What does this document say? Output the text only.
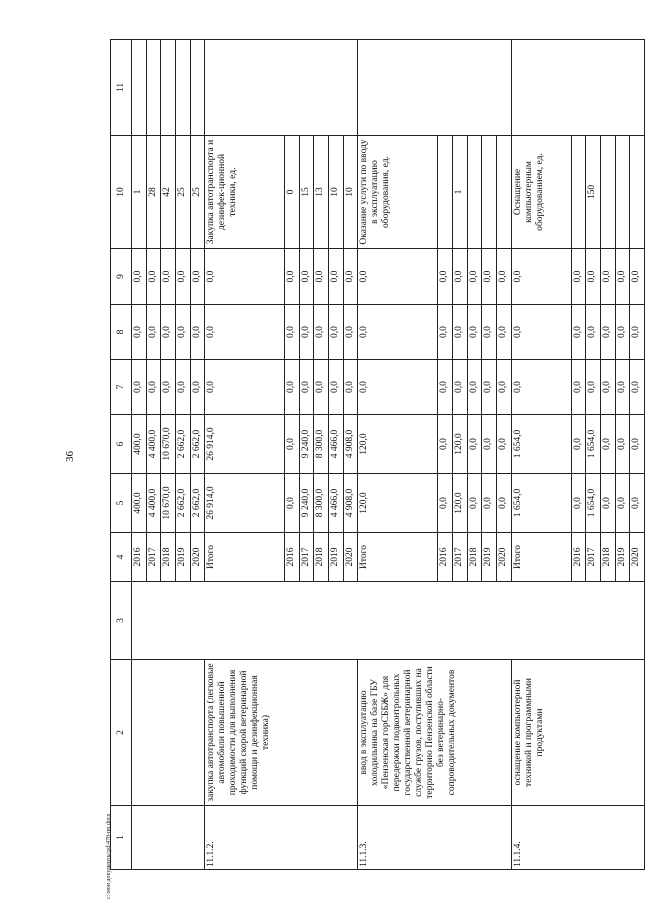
36
c:\мои документы\pd\478-пп.docx 1	2	3	4	5	6	7	8	9	10	11
			2016	400,0	400,0	0,0	0,0	0,0	1	
			2017	4 400,0	4 400,0	0,0	0,0	0,0	28	
			2018	10 670,0	10 670,0	0,0	0,0	0,0	42	
			2019	2 662,0	2 662,0	0,0	0,0	0,0	25	
			2020	2 662,0	2 662,0	0,0	0,0	0,0	25	
11.1.2.	закупка автотранспорта (легковые автомобили повышенной проходимости для выполнения функций скорой ветеринарной помощи и дезинфекционная техника)		Итого	26 914,0	26 914,0	0,0	0,0	0,0	Закупка автотранспорта и дезинфек-ционной техники, ед.	
			2016	0,0	0,0	0,0	0,0	0,0	0	
			2017	9 240,0	9 240,0	0,0	0,0	0,0	15	
			2018	8 300,0	8 300,0	0,0	0,0	0,0	13	
			2019	4 466,0	4 466,0	0,0	0,0	0,0	10	
			2020	4 908,0	4 908,0	0,0	0,0	0,0	10	
11.1.3.	ввод в эксплуатацию холодильника на базе ГБУ «Пензенская горСББЖ» для передержки подконтрольных государственной ветеринарной службе грузов, поступивших на территорию Пензенской области без ветеринарно-сопроводительных документов		Итого	120,0	120,0	0,0	0,0	0,0	Оказание услуги по вводу в эксплуатацию оборудования, ед.	
			2016	0,0	0,0	0,0	0,0	0,0		
			2017	120,0	120,0	0,0	0,0	0,0	1	
			2018	0,0	0,0	0,0	0,0	0,0		
			2019	0,0	0,0	0,0	0,0	0,0		
			2020	0,0	0,0	0,0	0,0	0,0		
11.1.4.	оснащение компьютерной техникой и программными продуктами		Итого	1 654,0	1 654,0	0,0	0,0	0,0	Оснащение компьютерным оборудованием, ед.	
			2016	0,0	0,0	0,0	0,0	0,0		
			2017	1 654,0	1 654,0	0,0	0,0	0,0	150	
			2018	0,0	0,0	0,0	0,0	0,0		
			2019	0,0	0,0	0,0	0,0	0,0		
			2020	0,0	0,0	0,0	0,0	0,0		
